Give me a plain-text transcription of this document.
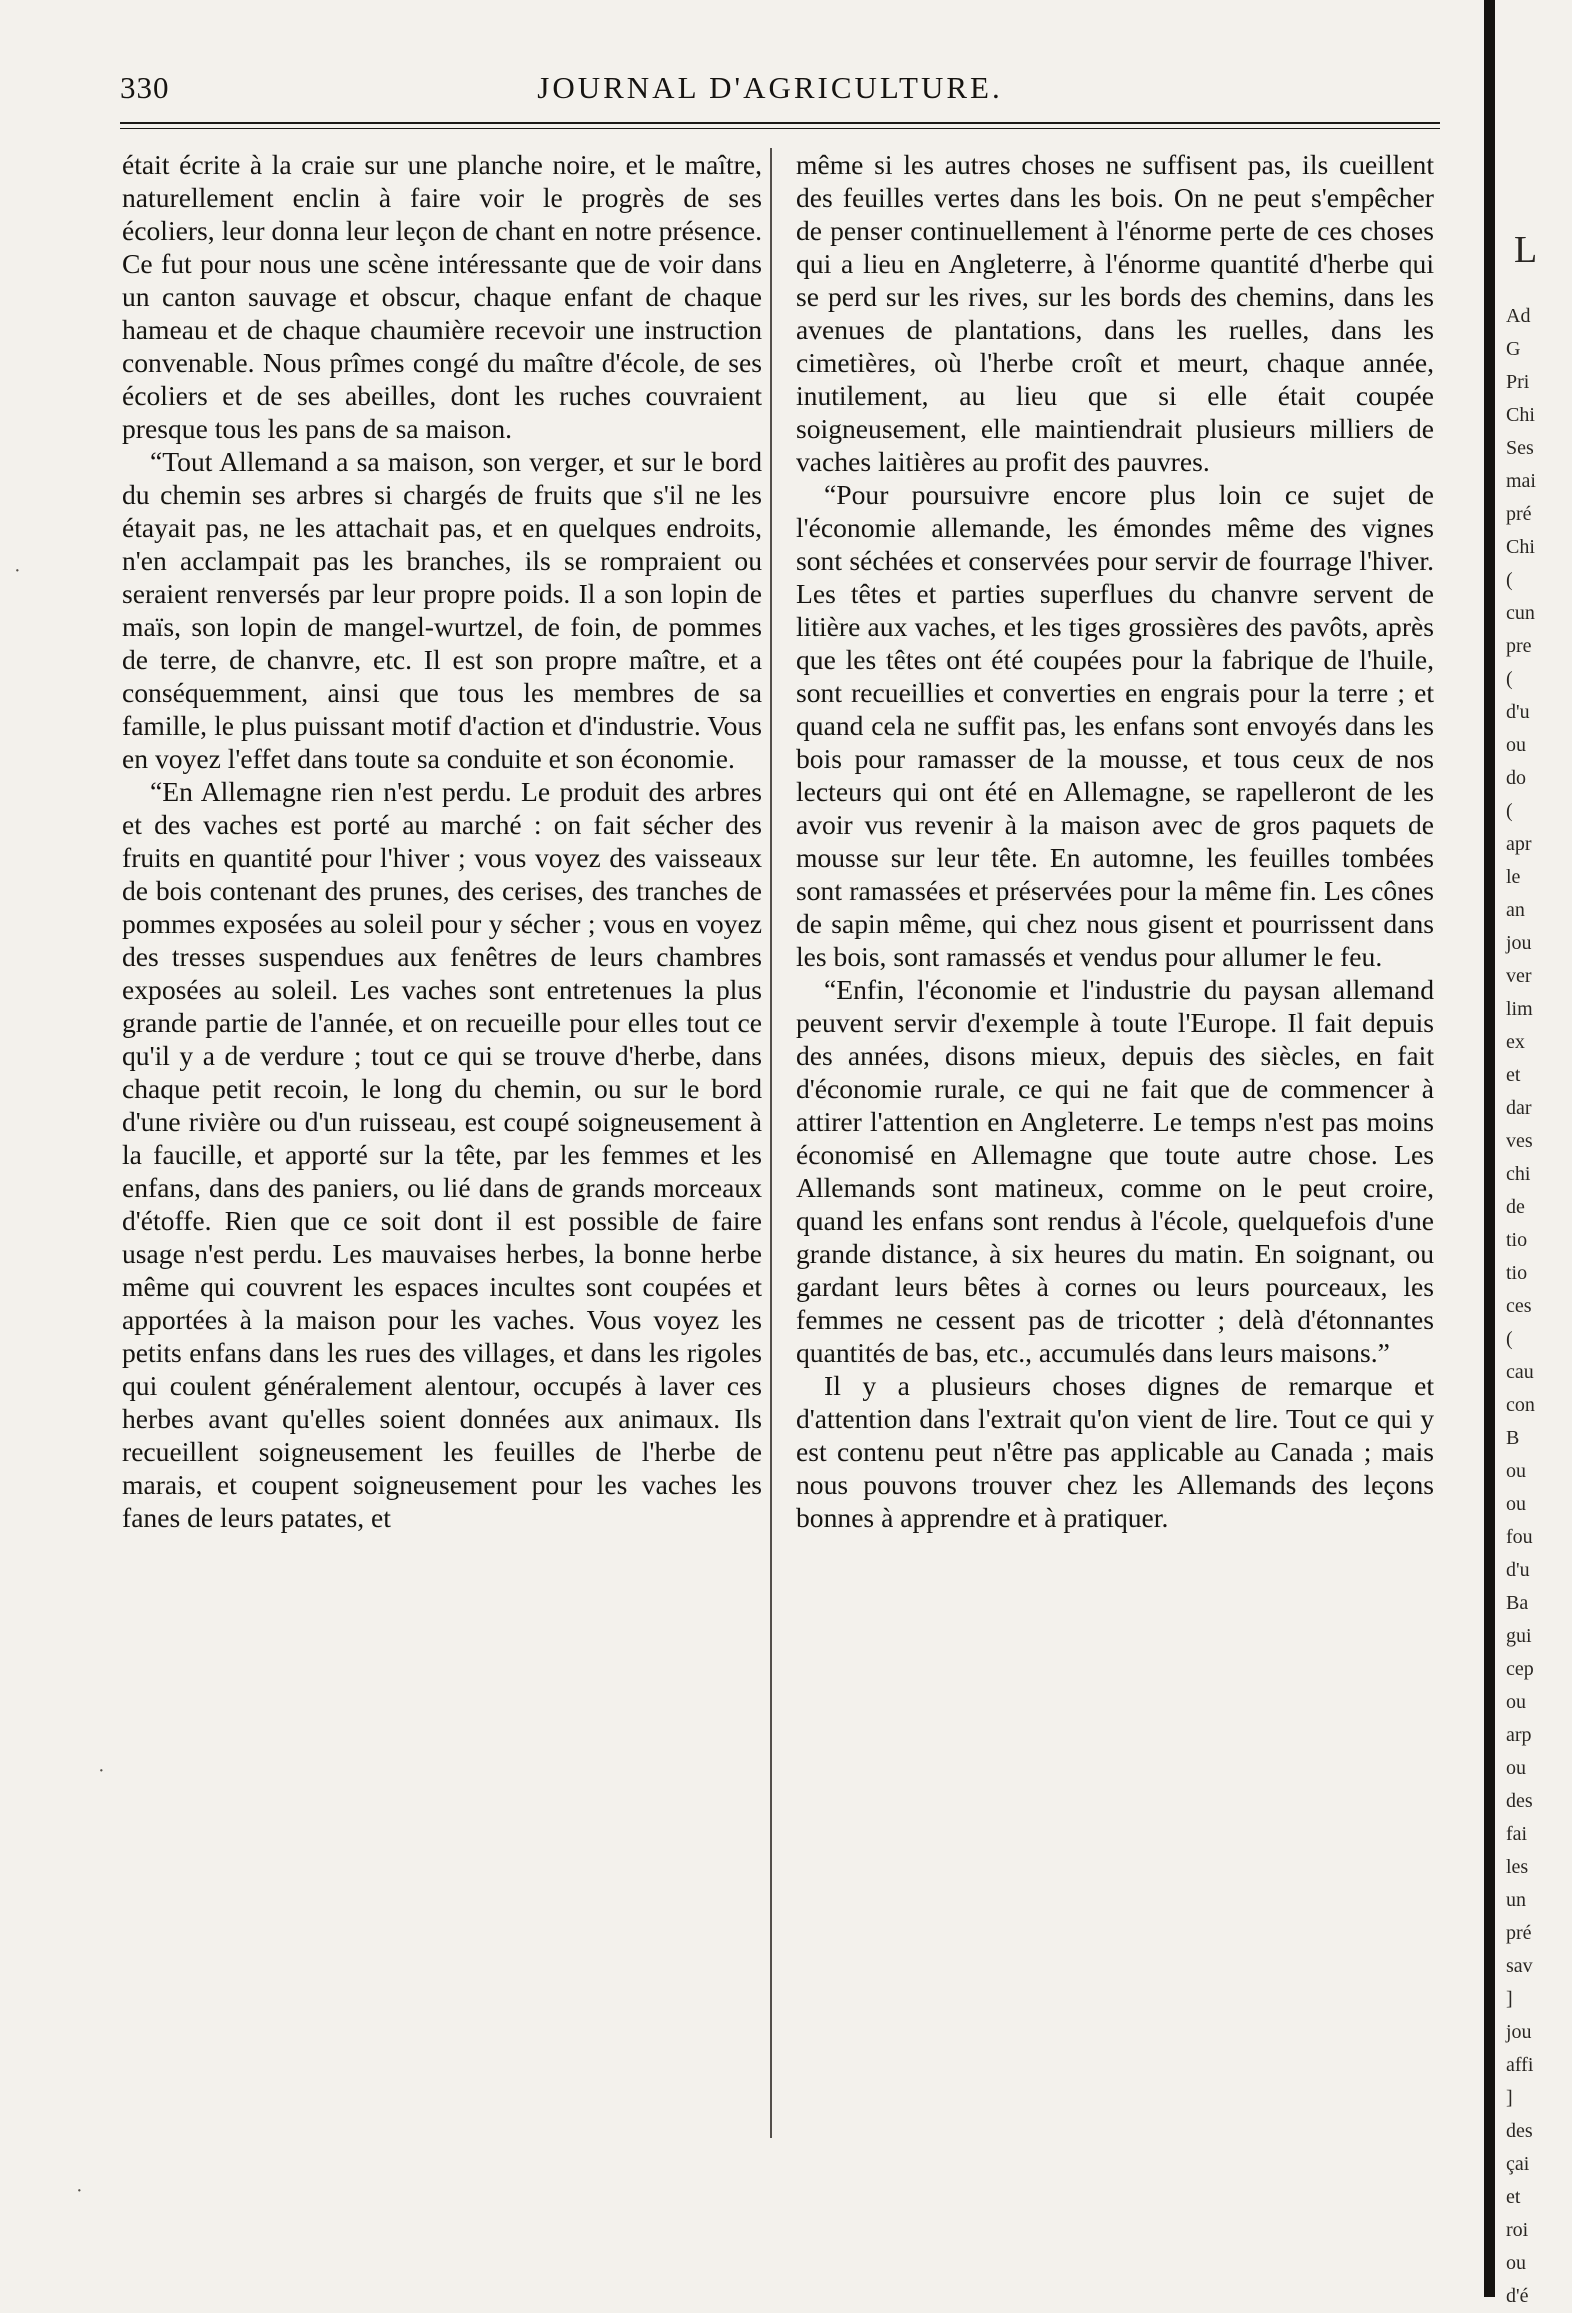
330	JOURNAL D'AGRICULTURE.

était écrite à la craie sur une planche noire, et le maître, naturellement enclin à faire voir le progrès de ses écoliers, leur donna leur leçon de chant en notre présence. Ce fut pour nous une scène intéressante que de voir dans un canton sauvage et obscur, chaque enfant de chaque hameau et de chaque chaumière recevoir une instruction convenable. Nous prîmes congé du maître d'école, de ses écoliers et de ses abeilles, dont les ruches couvraient presque tous les pans de sa maison.

“Tout Allemand a sa maison, son verger, et sur le bord du chemin ses arbres si chargés de fruits que s'il ne les étayait pas, ne les attachait pas, et en quelques endroits, n'en acclampait pas les branches, ils se rompraient ou seraient renversés par leur propre poids. Il a son lopin de maïs, son lopin de mangel-wurtzel, de foin, de pommes de terre, de chanvre, etc. Il est son propre maître, et a conséquemment, ainsi que tous les membres de sa famille, le plus puissant motif d'action et d'industrie. Vous en voyez l'effet dans toute sa conduite et son économie.

“En Allemagne rien n'est perdu. Le produit des arbres et des vaches est porté au marché : on fait sécher des fruits en quantité pour l'hiver ; vous voyez des vaisseaux de bois contenant des prunes, des cerises, des tranches de pommes exposées au soleil pour y sécher ; vous en voyez des tresses suspendues aux fenêtres de leurs chambres exposées au soleil. Les vaches sont entretenues la plus grande partie de l'année, et on recueille pour elles tout ce qu'il y a de verdure ; tout ce qui se trouve d'herbe, dans chaque petit recoin, le long du chemin, ou sur le bord d'une rivière ou d'un ruisseau, est coupé soigneusement à la faucille, et apporté sur la tête, par les femmes et les enfans, dans des paniers, ou lié dans de grands morceaux d'étoffe. Rien que ce soit dont il est possible de faire usage n'est perdu. Les mauvaises herbes, la bonne herbe même qui couvrent les espaces incultes sont coupées et apportées à la maison pour les vaches. Vous voyez les petits enfans dans les rues des villages, et dans les rigoles qui coulent généralement alentour, occupés à laver ces herbes avant qu'elles soient données aux animaux. Ils recueillent soigneusement les feuilles de l'herbe de marais, et coupent soigneusement pour les vaches les fanes de leurs patates, et

même si les autres choses ne suffisent pas, ils cueillent des feuilles vertes dans les bois. On ne peut s'empêcher de penser continuellement à l'énorme perte de ces choses qui a lieu en Angleterre, à l'énorme quantité d'herbe qui se perd sur les rives, sur les bords des chemins, dans les avenues de plantations, dans les ruelles, dans les cimetières, où l'herbe croît et meurt, chaque année, inutilement, au lieu que si elle était coupée soigneusement, elle maintiendrait plusieurs milliers de vaches laitières au profit des pauvres.

“Pour poursuivre encore plus loin ce sujet de l'économie allemande, les émondes même des vignes sont séchées et conservées pour servir de fourrage l'hiver. Les têtes et parties superflues du chanvre servent de litière aux vaches, et les tiges grossières des pavôts, après que les têtes ont été coupées pour la fabrique de l'huile, sont recueillies et converties en engrais pour la terre ; et quand cela ne suffit pas, les enfans sont envoyés dans les bois pour ramasser de la mousse, et tous ceux de nos lecteurs qui ont été en Allemagne, se rapelleront de les avoir vus revenir à la maison avec de gros paquets de mousse sur leur tête. En automne, les feuilles tombées sont ramassées et préservées pour la même fin. Les cônes de sapin même, qui chez nous gisent et pourrissent dans les bois, sont ramassés et vendus pour allumer le feu.

“Enfin, l'économie et l'industrie du paysan allemand peuvent servir d'exemple à toute l'Europe. Il fait depuis des années, disons mieux, depuis des siècles, en fait d'économie rurale, ce qui ne fait que de commencer à attirer l'attention en Angleterre. Le temps n'est pas moins économisé en Allemagne que toute autre chose. Les Allemands sont matineux, comme on le peut croire, quand les enfans sont rendus à l'école, quelquefois d'une grande distance, à six heures du matin. En soignant, ou gardant leurs bêtes à cornes ou leurs pourceaux, les femmes ne cessent pas de tricotter ; delà d'étonnantes quantités de bas, etc., accumulés dans leurs maisons.”

Il y a plusieurs choses dignes de remarque et d'attention dans l'extrait qu'on vient de lire. Tout ce qui y est contenu peut n'être pas applicable au Canada ; mais nous pouvons trouver chez les Allemands des leçons bonnes à apprendre et à pratiquer.

L
Ad
G
Pri
Chi
Ses
mai
pré
Chi
(
cun
pre
(
d'u
ou
do
(
apr
le
an
jou
ver
lim
ex
et
dar
ves
chi
de
tio
tio
ces
(
cau
con
B
ou
ou
fou
d'u
Ba
gui
cep
ou
arp
ou
des
fai
les
un
pré
sav
]
jou
affi
]
des
çai
et
roi
ou
d'é
·
·
·
